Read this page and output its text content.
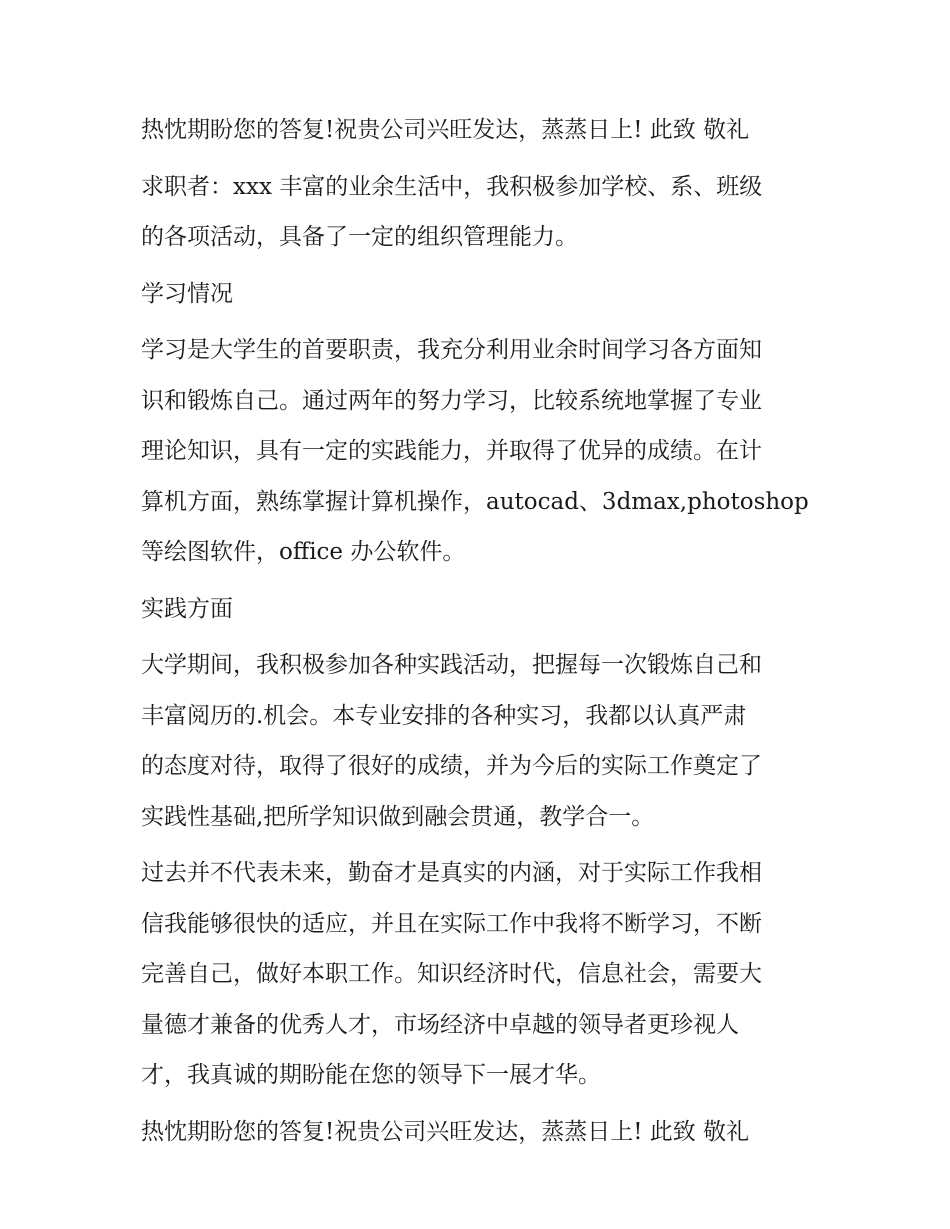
热忱期盼您的答复!祝贵公司兴旺发达，蒸蒸日上! 此致 敬礼

求职者：xxx 丰富的业余生活中，我积极参加学校、系、班级
的各项活动，具备了一定的组织管理能力。

学习情况

学习是大学生的首要职责，我充分利用业余时间学习各方面知
识和锻炼自己。通过两年的努力学习，比较系统地掌握了专业
理论知识，具有一定的实践能力，并取得了优异的成绩。在计
算机方面，熟练掌握计算机操作，autocad、3dmax,photoshop
等绘图软件，office 办公软件。

实践方面

大学期间，我积极参加各种实践活动，把握每一次锻炼自己和
丰富阅历的.机会。本专业安排的各种实习，我都以认真严肃
的态度对待，取得了很好的成绩，并为今后的实际工作奠定了
实践性基础,把所学知识做到融会贯通，教学合一。

过去并不代表未来，勤奋才是真实的内涵，对于实际工作我相
信我能够很快的适应，并且在实际工作中我将不断学习，不断
完善自己，做好本职工作。知识经济时代，信息社会，需要大
量德才兼备的优秀人才，市场经济中卓越的领导者更珍视人
才，我真诚的期盼能在您的领导下一展才华。

热忱期盼您的答复!祝贵公司兴旺发达，蒸蒸日上! 此致 敬礼
